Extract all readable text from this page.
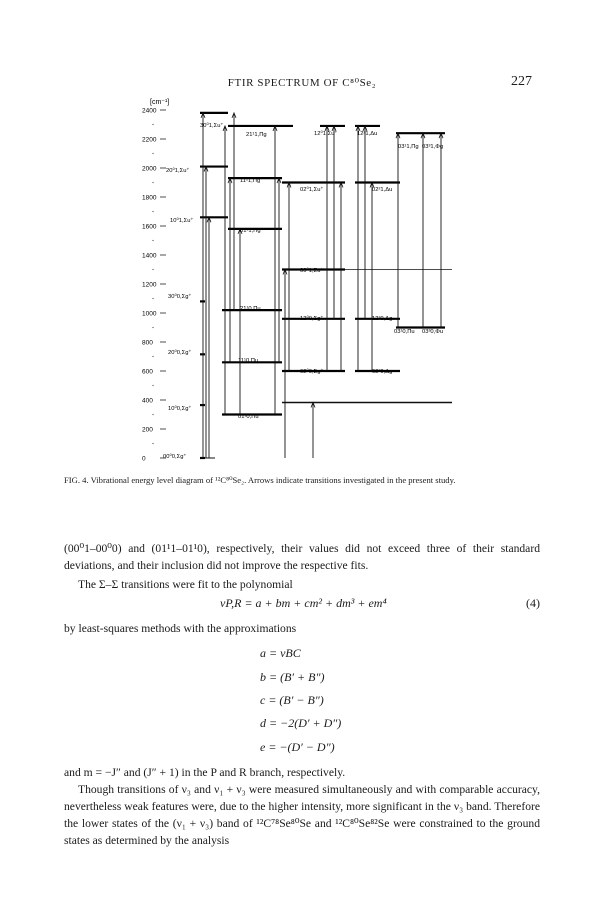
FTIR SPECTRUM OF C⁸⁰Se₂	227
[cm⁻¹]
2400
2200
2000
1800
1600
1400
1200
1000
800
600
400
200
0	00⁰0,Σg⁺
10⁰0,Σg⁺
20⁰0,Σg⁺
30⁰0,Σg⁺
10⁰1,Σu⁺
20⁰1,Σu⁺
30⁰1,Σu⁺
01¹0,Πu
11¹0,Πu
21¹0,Πu
01¹1,Πg
11¹1,Πg
21¹1,Πg
02⁰0,Σg⁺
12⁰0,Σg⁺
00⁰1,Σu⁺
02⁰1,Σu⁺
12⁰1,Σu⁺
02²0,Δg
12²0,Δg
02²1,Δu
12²1,Δu
03¹0,Πu 03³0,Φu
03¹1,Πg 03³1,Φg
FIG. 4. Vibrational energy level diagram of ¹²C⁸⁰Se₂. Arrows indicate transitions investigated in the present study.
(00⁰1–00⁰0) and (01¹1–01¹0), respectively, their values did not exceed three of their standard deviations, and their inclusion did not improve the respective fits.
The Σ–Σ transitions were fit to the polynomial
νP,R = a + bm + cm² + dm³ + em⁴	(4)
by least-squares methods with the approximations
a = νBC
b = (B′ + B″)
c = (B′ − B″)
d = −2(D′ + D″)
e = −(D′ − D″)
and m = −J″ and (J″ + 1) in the P and R branch, respectively.
Though transitions of ν₃ and ν₁ + ν₃ were measured simultaneously and with comparable accuracy, nevertheless weak features were, due to the higher intensity, more significant in the ν₃ band. Therefore the lower states of the (ν₁ + ν₃) band of ¹²C⁷⁸Se⁸⁰Se and ¹²C⁸⁰Se⁸²Se were constrained to the ground states as determined by the analysis
